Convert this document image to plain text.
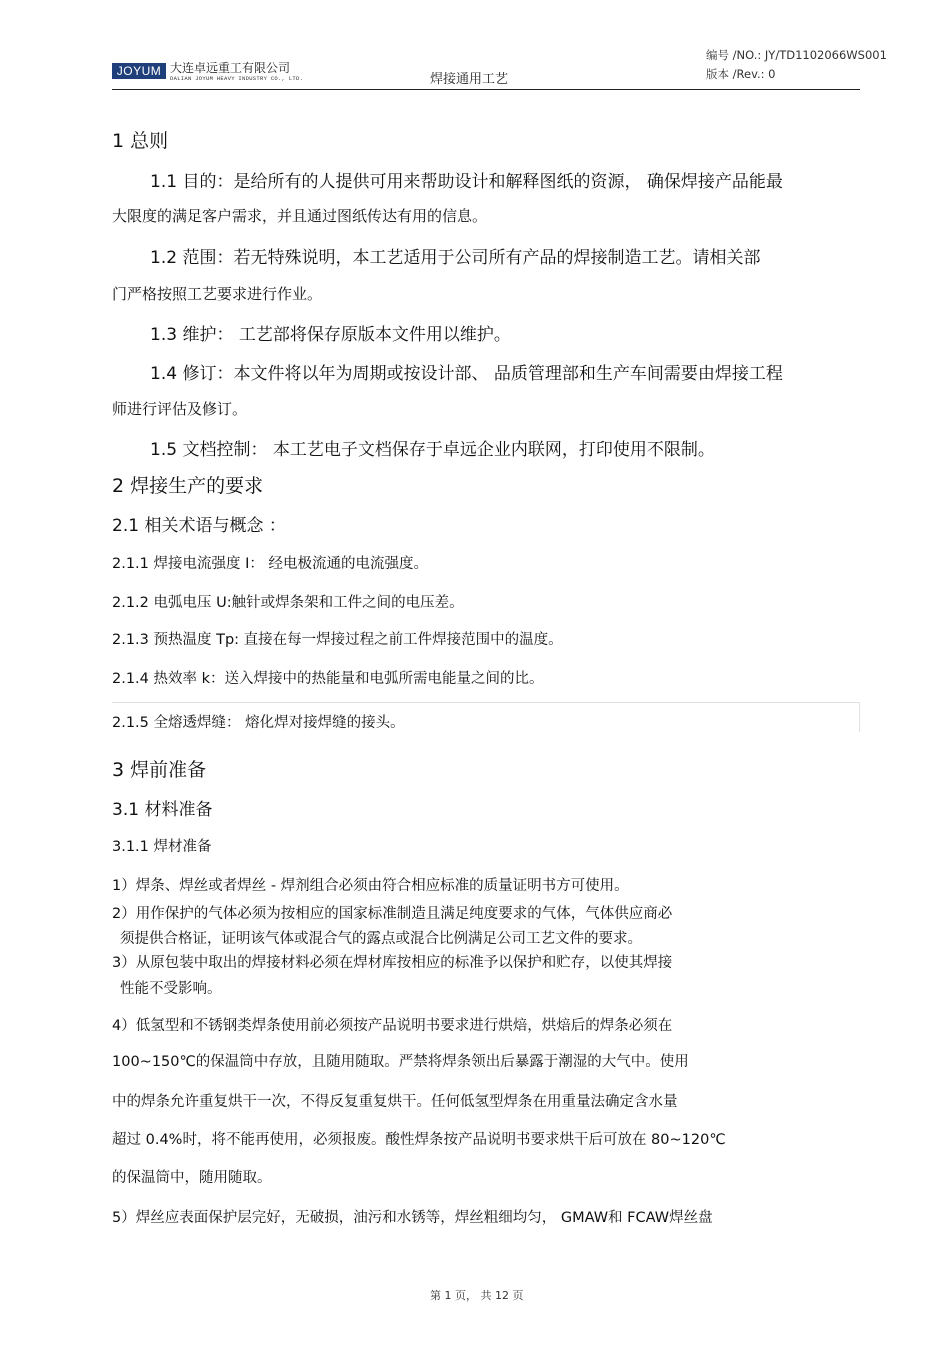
JOYUM 大连卓远重工有限公司
DALIAN JOYUM HEAVY INDUSTRY CO., LTD.	焊接通用工艺
编号 /NO.: JY/TD1102066WS001
版本 /Rev.: 0
1 总则
1.1 目的：是给所有的人提供可用来帮助设计和解释图纸的资源， 确保焊接产品能最
大限度的满足客户需求，并且通过图纸传达有用的信息。
1.2 范围：若无特殊说明，本工艺适用于公司所有产品的焊接制造工艺。请相关部
门严格按照工艺要求进行作业。
1.3 维护： 工艺部将保存原版本文件用以维护。
1.4 修订：本文件将以年为周期或按设计部、 品质管理部和生产车间需要由焊接工程
师进行评估及修订。
1.5 文档控制： 本工艺电子文档保存于卓远企业内联网，打印使用不限制。
2 焊接生产的要求
2.1 相关术语与概念 ：
2.1.1 焊接电流强度 I： 经电极流通的电流强度。
2.1.2 电弧电压 U:触针或焊条架和工件之间的电压差。
2.1.3 预热温度 Tp: 直接在每一焊接过程之前工件焊接范围中的温度。
2.1.4 热效率 k：送入焊接中的热能量和电弧所需电能量之间的比。
2.1.5 全熔透焊缝： 熔化焊对接焊缝的接头。
3 焊前准备
3.1 材料准备
3.1.1 焊材准备
1）焊条、焊丝或者焊丝 - 焊剂组合必须由符合相应标准的质量证明书方可使用。
2）用作保护的气体必须为按相应的国家标准制造且满足纯度要求的气体，气体供应商必
须提供合格证，证明该气体或混合气的露点或混合比例满足公司工艺文件的要求。
3）从原包装中取出的焊接材料必须在焊材库按相应的标准予以保护和贮存，以使其焊接
性能不受影响。
4）低氢型和不锈钢类焊条使用前必须按产品说明书要求进行烘焙，烘焙后的焊条必须在
100~150℃的保温筒中存放，且随用随取。严禁将焊条领出后暴露于潮湿的大气中。使用
中的焊条允许重复烘干一次，不得反复重复烘干。任何低氢型焊条在用重量法确定含水量
超过 0.4%时，将不能再使用，必须报废。酸性焊条按产品说明书要求烘干后可放在 80~120℃
的保温筒中，随用随取。
5）焊丝应表面保护层完好，无破损，油污和水锈等，焊丝粗细均匀， GMAW和 FCAW焊丝盘
第 1 页， 共 12 页
